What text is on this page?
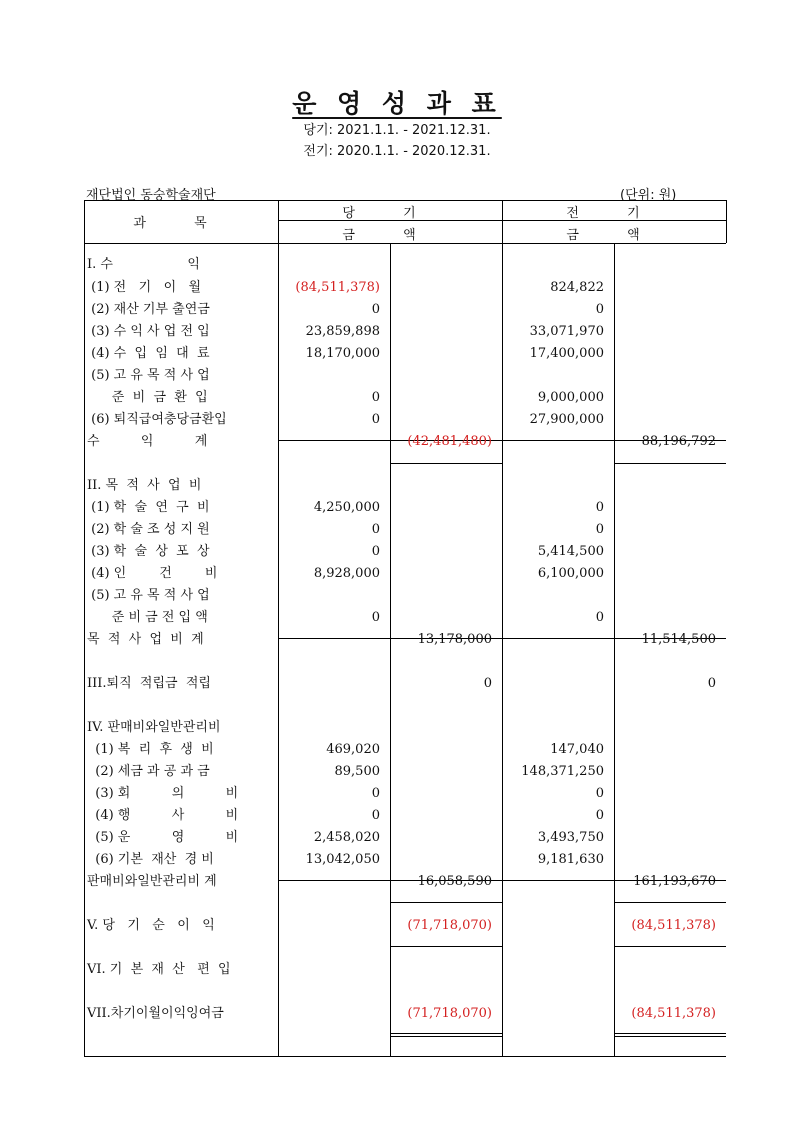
운 영 성 과 표
당기: 2021.1.1. - 2021.12.31.
전기: 2020.1.1. - 2020.12.31.
재단법인 동숭학술재단	(단위: 원)
과 목
당 기	전 기
금 액	금 액
I. 수                  익
(1) 전   기   이   월	(84,511,378)	824,822
(2) 재산 기부 출연금	0	0
(3) 수 익 사 업 전 입	23,859,898	33,071,970
(4) 수  입  임  대  료	18,170,000	17,400,000
(5) 고 유 목 적 사 업
준  비  금  환  입	0	9,000,000
(6) 퇴직급여충당금환입	0	27,900,000
수          익          계	(42,481,480)	88,196,792
II. 목  적  사  업  비
(1) 학  술  연  구  비	4,250,000	0
(2) 학 술 조 성 지 원	0	0
(3) 학  술  상  포  상	0	5,414,500
(4) 인        건        비	8,928,000	6,100,000
(5) 고 유 목 적 사 업
준 비 금 전 입 액	0	0
목  적  사  업  비  계	13,178,000	11,514,500
III.퇴직  적립금  적립	0	0
IV. 판매비와일반관리비
(1) 복  리  후  생  비	469,020	147,040
(2) 세금 과 공 과 금	89,500	148,371,250
(3) 회          의          비	0	0
(4) 행          사          비	0	0
(5) 운          영          비	2,458,020	3,493,750
(6) 기본  재산  경 비	13,042,050	9,181,630
판매비와일반관리비 계	16,058,590	161,193,670
V. 당   기   순   이   익	(71,718,070)	(84,511,378)
VI. 기  본  재  산   편  입
VII.차기이월이익잉여금	(71,718,070)	(84,511,378)
